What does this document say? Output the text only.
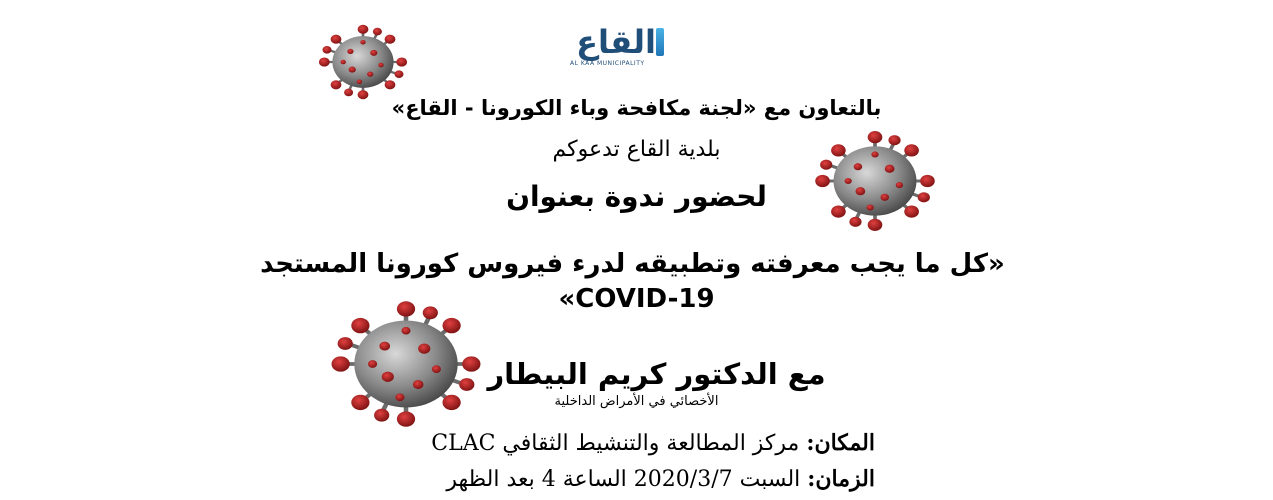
القاع
AL KAA MUNICIPALITY
بالتعاون مع «لجنة مكافحة وباء الكورونا - القاع»
بلدية القاع تدعوكم
لحضور ندوة بعنوان
«كل ما يجب معرفته وتطبيقه لدرء فيروس كورونا المستجد
«COVID-19
مع الدكتور كريم البيطار
الأخصائي في الأمراض الداخلية
المكان: مركز المطالعة والتنشيط الثقافي CLAC
الزمان: السبت 2020/3/7 الساعة 4 بعد الظهر
